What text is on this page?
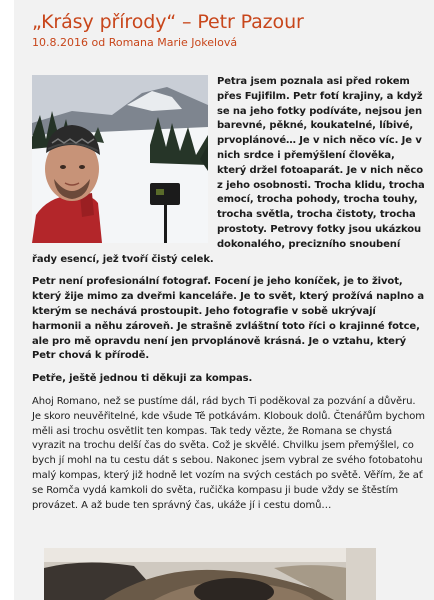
„Krásy přírody“ – Petr Pazour
10.8.2016 od Romana Marie Jokelová

Petra jsem poznala asi před rokem přes Fujifilm. Petr fotí krajiny, a když se na jeho fotky podíváte, nejsou jen barevné, pěkné, koukatelné, líbivé, prvoplánové… Je v nich něco víc. Je v nich srdce i přemýšlení člověka, který držel fotoaparát. Je v nich něco z jeho osobnosti. Trocha klidu, trocha emocí, trocha pohody, trocha touhy, trocha světla, trocha čistoty, trocha prostoty. Petrovy fotky jsou ukázkou dokonalého, precizního snoubení řady esencí, jež tvoří čistý celek.

Petr není profesionální fotograf. Focení je jeho koníček, je to život, který žije mimo za dveřmi kanceláře. Je to svět, který prožívá naplno a kterým se nechává prostoupit. Jeho fotografie v sobě ukrývají harmonii a něhu zároveň. Je strašně zvláštní toto říci o krajinné fotce, ale pro mě opravdu není jen prvoplánově krásná. Je o vztahu, který Petr chová k přírodě.

Petře, ještě jednou ti děkuji za kompas.

Ahoj Romano, než se pustíme dál, rád bych Ti poděkoval za pozvání a důvěru. Je skoro neuvěřitelné, kde všude Tě potkávám. Klobouk dolů. Čtenářům bychom měli asi trochu osvětlit ten kompas. Tak tedy vězte, že Romana se chystá vyrazit na trochu delší čas do světa. Což je skvělé. Chvilku jsem přemýšlel, co bych jí mohl na tu cestu dát s sebou. Nakonec jsem vybral ze svého fotobatohu malý kompas, který již hodně let vozím na svých cestách po světě. Věřím, že ať se Romča vydá kamkoli do světa, ručička kompasu ji bude vždy se štěstím provázet. A až bude ten správný čas, ukáže jí i cestu domů…
